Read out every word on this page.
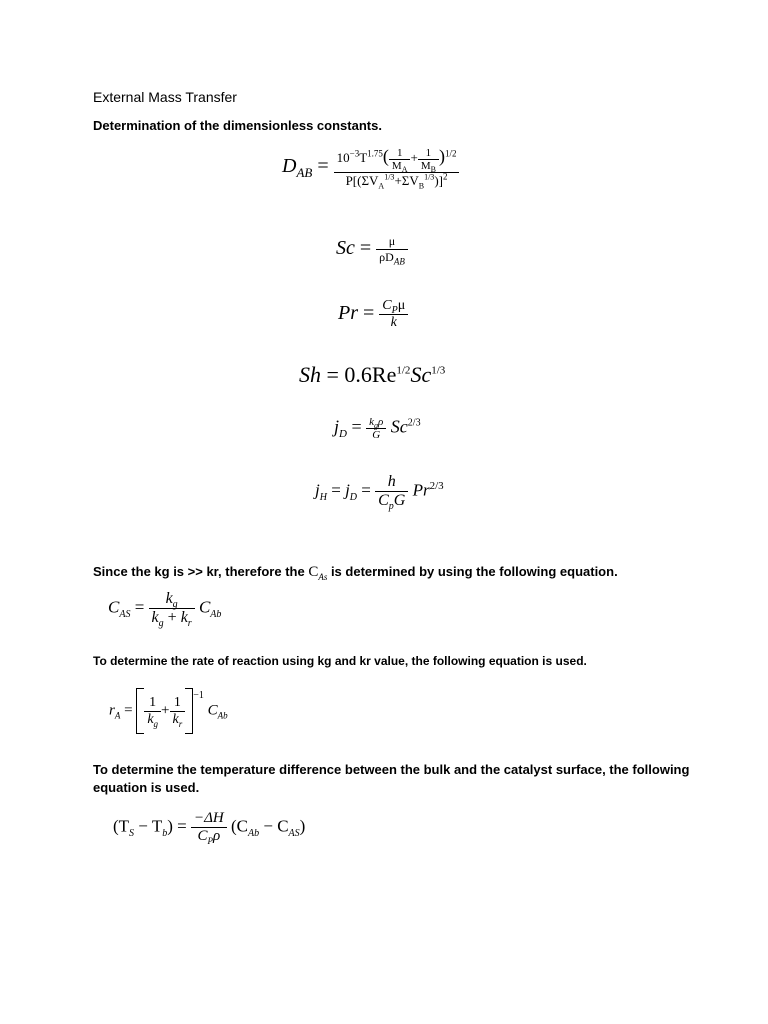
External Mass Transfer
Determination of the dimensionless constants.
$D_{AB} = \frac{10^{-3}T^{1.75}( \frac{1}{M_A} + \frac{1}{M_B} )^{1/2}}{P[(\Sigma V_A^{1/3}+\Sigma V_B^{1/3})]^2}$
$Sc = \frac{\mu}{\rho D_{AB}}$
$Pr = \frac{C_P\mu}{k}$
$Sh = 0.6Re^{1/2}Sc^{1/3}$
$j_D = \frac{k_g\rho}{G} Sc^{2/3}$
$j_H = j_D = \frac{h}{C_pG} Pr^{2/3}$
Since the kg is >> kr, therefore the $C_{As}$ is determined by using the following equation.
$C_{AS} = \frac{k_g}{k_g + k_r} C_{Ab}$
To determine the rate of reaction using kg and kr value, the following equation is used.
$r_A = \frac{1}{k_g} + \frac{1}{k_r} ^{-1}$ $C_{Ab}$
To determine the temperature difference between the bulk and the catalyst surface, the following
equation is used.
$(T_S - T_b) = \frac{-\Delta H}{C_P\rho} (C_{Ab} - C_{AS})$
